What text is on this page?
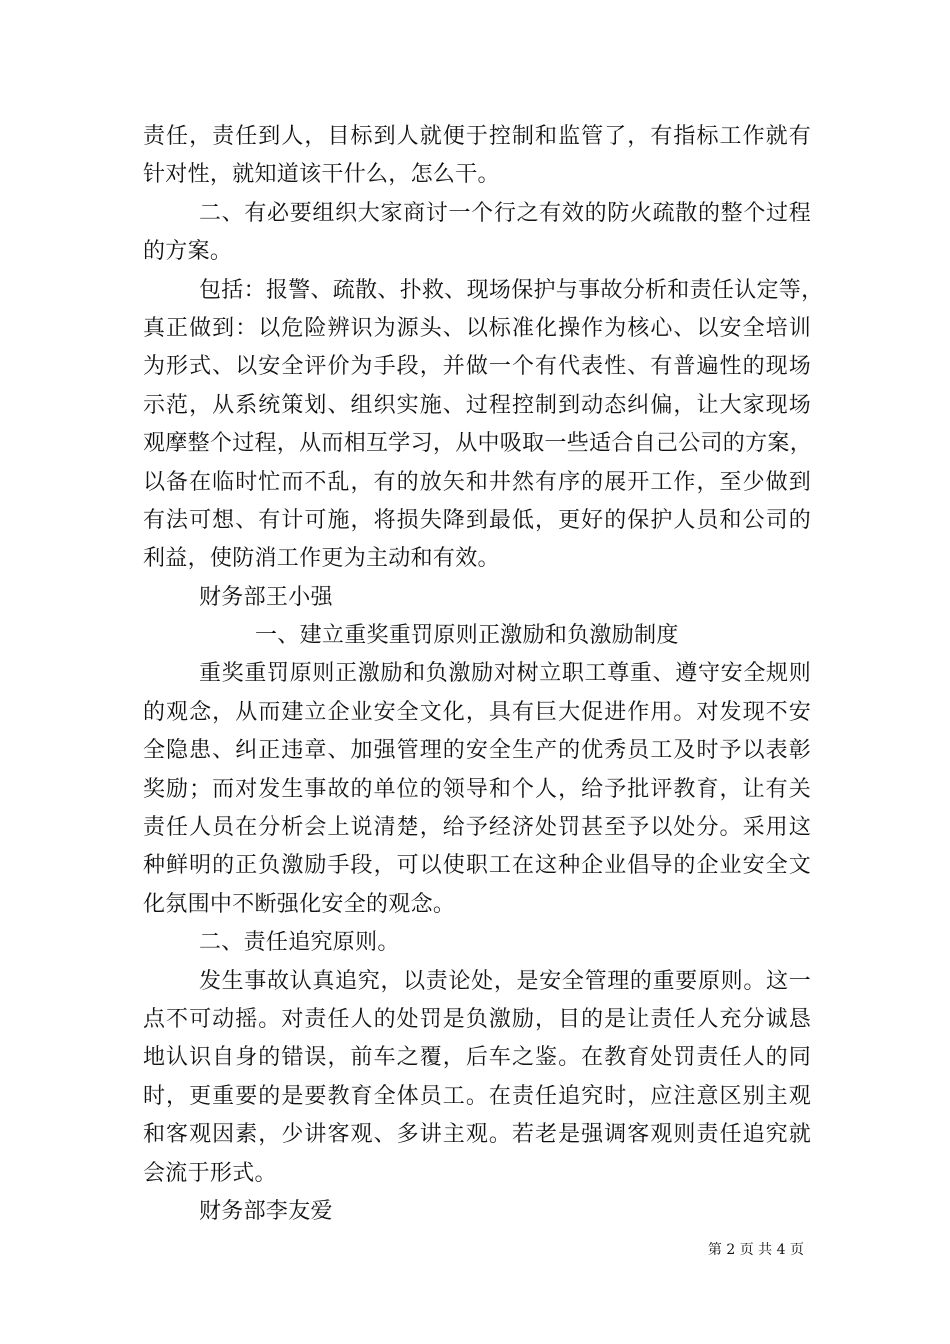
责任，责任到人，目标到人就便于控制和监管了，有指标工作就有
针对性，就知道该干什么，怎么干。
二、有必要组织大家商讨一个行之有效的防火疏散的整个过程
的方案。
包括：报警、疏散、扑救、现场保护与事故分析和责任认定等，
真正做到：以危险辨识为源头、以标准化操作为核心、以安全培训
为形式、以安全评价为手段，并做一个有代表性、有普遍性的现场
示范，从系统策划、组织实施、过程控制到动态纠偏，让大家现场
观摩整个过程，从而相互学习，从中吸取一些适合自己公司的方案，
以备在临时忙而不乱，有的放矢和井然有序的展开工作，至少做到
有法可想、有计可施，将损失降到最低，更好的保护人员和公司的
利益，使防消工作更为主动和有效。
财务部王小强
一、建立重奖重罚原则正激励和负激励制度
重奖重罚原则正激励和负激励对树立职工尊重、遵守安全规则
的观念，从而建立企业安全文化，具有巨大促进作用。对发现不安
全隐患、纠正违章、加强管理的安全生产的优秀员工及时予以表彰
奖励；而对发生事故的单位的领导和个人，给予批评教育，让有关
责任人员在分析会上说清楚，给予经济处罚甚至予以处分。采用这
种鲜明的正负激励手段，可以使职工在这种企业倡导的企业安全文
化氛围中不断强化安全的观念。
二、责任追究原则。
发生事故认真追究，以责论处，是安全管理的重要原则。这一
点不可动摇。对责任人的处罚是负激励，目的是让责任人充分诚恳
地认识自身的错误，前车之覆，后车之鉴。在教育处罚责任人的同
时，更重要的是要教育全体员工。在责任追究时，应注意区别主观
和客观因素，少讲客观、多讲主观。若老是强调客观则责任追究就
会流于形式。
财务部李友爱
第 2 页 共 4 页
